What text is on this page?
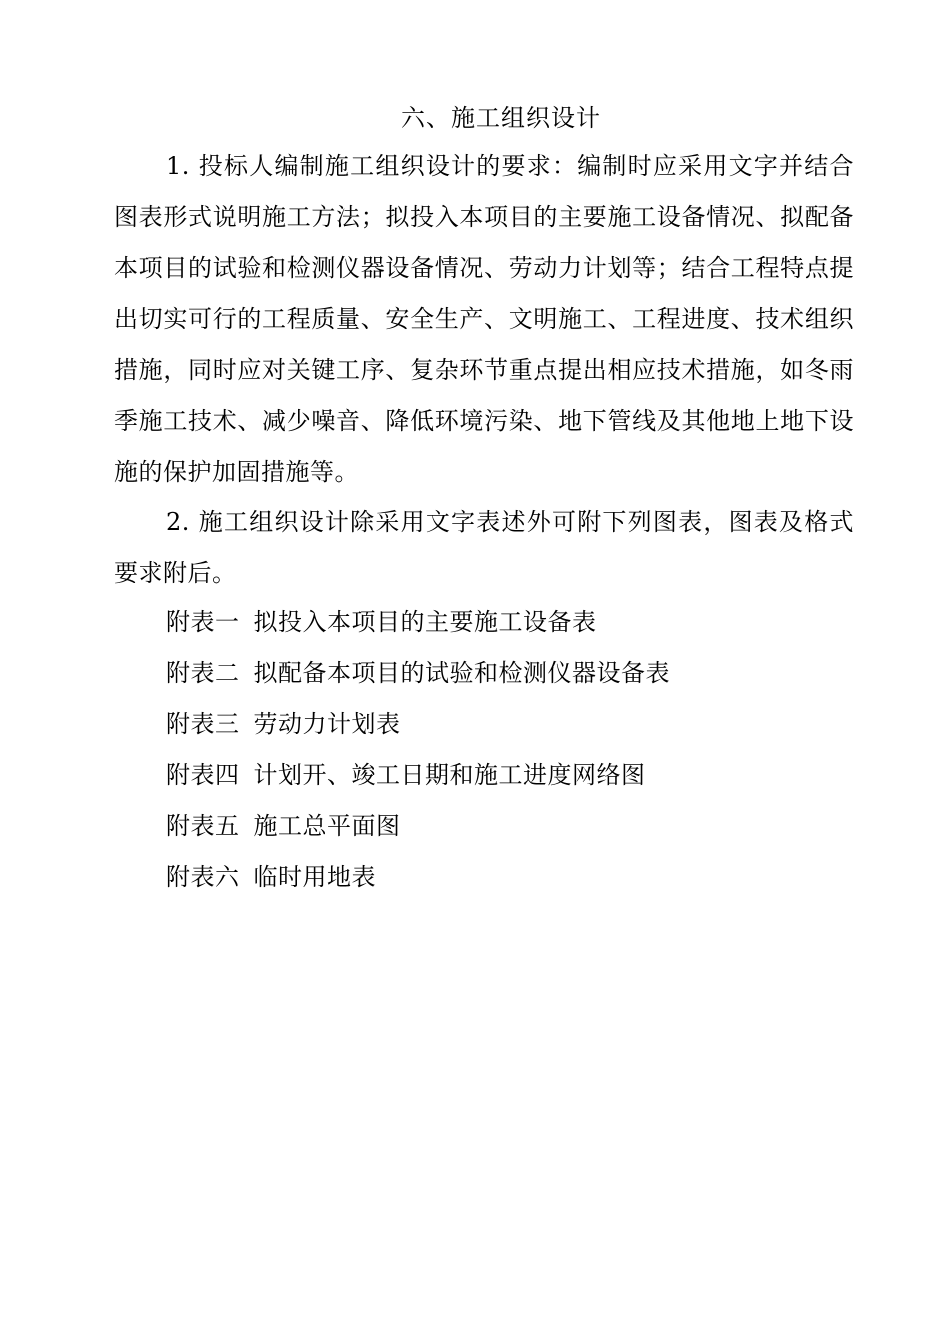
六、施工组织设计

1. 投标人编制施工组织设计的要求：编制时应采用文字并结合图表形式说明施工方法；拟投入本项目的主要施工设备情况、拟配备本项目的试验和检测仪器设备情况、劳动力计划等；结合工程特点提出切实可行的工程质量、安全生产、文明施工、工程进度、技术组织措施，同时应对关键工序、复杂环节重点提出相应技术措施，如冬雨季施工技术、减少噪音、降低环境污染、地下管线及其他地上地下设施的保护加固措施等。

2. 施工组织设计除采用文字表述外可附下列图表，图表及格式要求附后。

附表一 拟投入本项目的主要施工设备表
附表二 拟配备本项目的试验和检测仪器设备表
附表三 劳动力计划表
附表四 计划开、竣工日期和施工进度网络图
附表五 施工总平面图
附表六 临时用地表
